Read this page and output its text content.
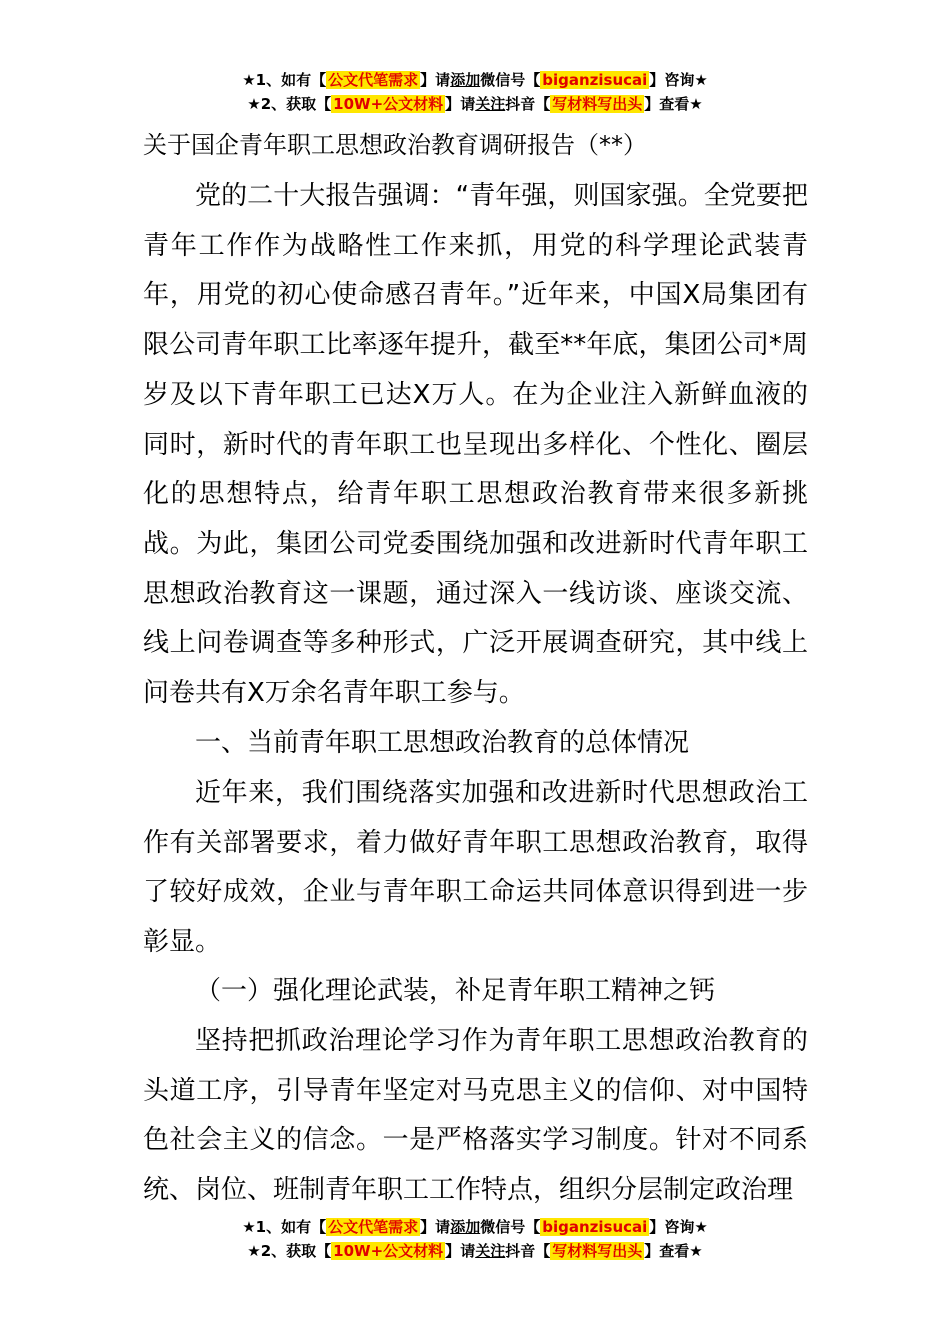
★1、如有【 公文代笔需求 】请添加微信号【 biganzisucai 】咨询★
★2、获取【 10W+公文材料 】请关注抖音【 写材料写出头 】查看★
关于国企青年职工思想政治教育调研报告（**）

党的二十大报告强调：“青年强，则国家强。全党要把青年工作作为战略性工作来抓，用党的科学理论武装青年，用党的初心使命感召青年。”近年来，中国X局集团有限公司青年职工比率逐年提升，截至**年底，集团公司*周岁及以下青年职工已达X万人。在为企业注入新鲜血液的同时，新时代的青年职工也呈现出多样化、个性化、圈层化的思想特点，给青年职工思想政治教育带来很多新挑战。为此，集团公司党委围绕加强和改进新时代青年职工思想政治教育这一课题，通过深入一线访谈、座谈交流、线上问卷调查等多种形式，广泛开展调查研究，其中线上问卷共有X万余名青年职工参与。

一、当前青年职工思想政治教育的总体情况

近年来，我们围绕落实加强和改进新时代思想政治工作有关部署要求，着力做好青年职工思想政治教育，取得了较好成效，企业与青年职工命运共同体意识得到进一步彰显。

（一）强化理论武装，补足青年职工精神之钙

坚持把抓政治理论学习作为青年职工思想政治教育的头道工序，引导青年坚定对马克思主义的信仰、对中国特色社会主义的信念。一是严格落实学习制度。针对不同系统、岗位、班制青年职工工作特点，组织分层制定政治理

★1、如有【 公文代笔需求 】请添加微信号【 biganzisucai 】咨询★
★2、获取【 10W+公文材料 】请关注抖音【 写材料写出头 】查看★
